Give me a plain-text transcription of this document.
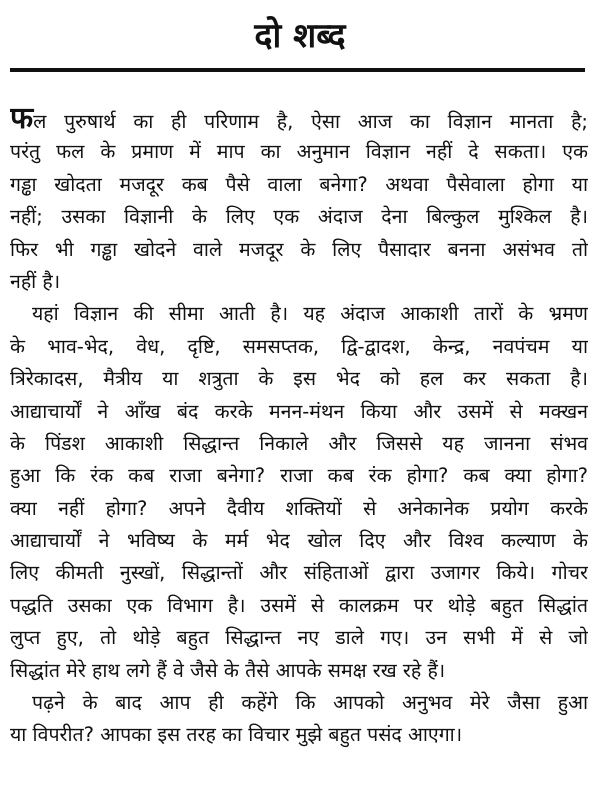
दो शब्द
फल पुरुषार्थ का ही परिणाम है, ऐसा आज का विज्ञान मानता है;
परंतु फल के प्रमाण में माप का अनुमान विज्ञान नहीं दे सकता। एक
गड्ढा खोदता मजदूर कब पैसे वाला बनेगा? अथवा पैसेवाला होगा या
नहीं; उसका विज्ञानी के लिए एक अंदाज देना बिल्कुल मुश्किल है।
फिर भी गड्ढा खोदने वाले मजदूर के लिए पैसादार बनना असंभव तो
नहीं है।
यहां विज्ञान की सीमा आती है। यह अंदाज आकाशी तारों के भ्रमण
के भाव-भेद, वेध, दृष्टि, समसप्तक, द्वि-द्वादश, केन्द्र, नवपंचम या
त्रिरेकादस, मैत्रीय या शत्रुता के इस भेद को हल कर सकता है।
आद्याचार्यों ने आँख बंद करके मनन-मंथन किया और उसमें से मक्खन
के पिंडश आकाशी सिद्धान्त निकाले और जिससे यह जानना संभव
हुआ कि रंक कब राजा बनेगा? राजा कब रंक होगा? कब क्या होगा?
क्या नहीं होगा? अपने दैवीय शक्तियों से अनेकानेक प्रयोग करके
आद्याचार्यों ने भविष्य के मर्म भेद खोल दिए और विश्व कल्याण के
लिए कीमती नुस्खों, सिद्धान्तों और संहिताओं द्वारा उजागर किये। गोचर
पद्धति उसका एक विभाग है। उसमें से कालक्रम पर थोड़े बहुत सिद्धांत
लुप्त हुए, तो थोड़े बहुत सिद्धान्त नए डाले गए। उन सभी में से जो
सिद्धांत मेरे हाथ लगे हैं वे जैसे के तैसे आपके समक्ष रख रहे हैं।
पढ़ने के बाद आप ही कहेंगे कि आपको अनुभव मेरे जैसा हुआ
या विपरीत? आपका इस तरह का विचार मुझे बहुत पसंद आएगा।
